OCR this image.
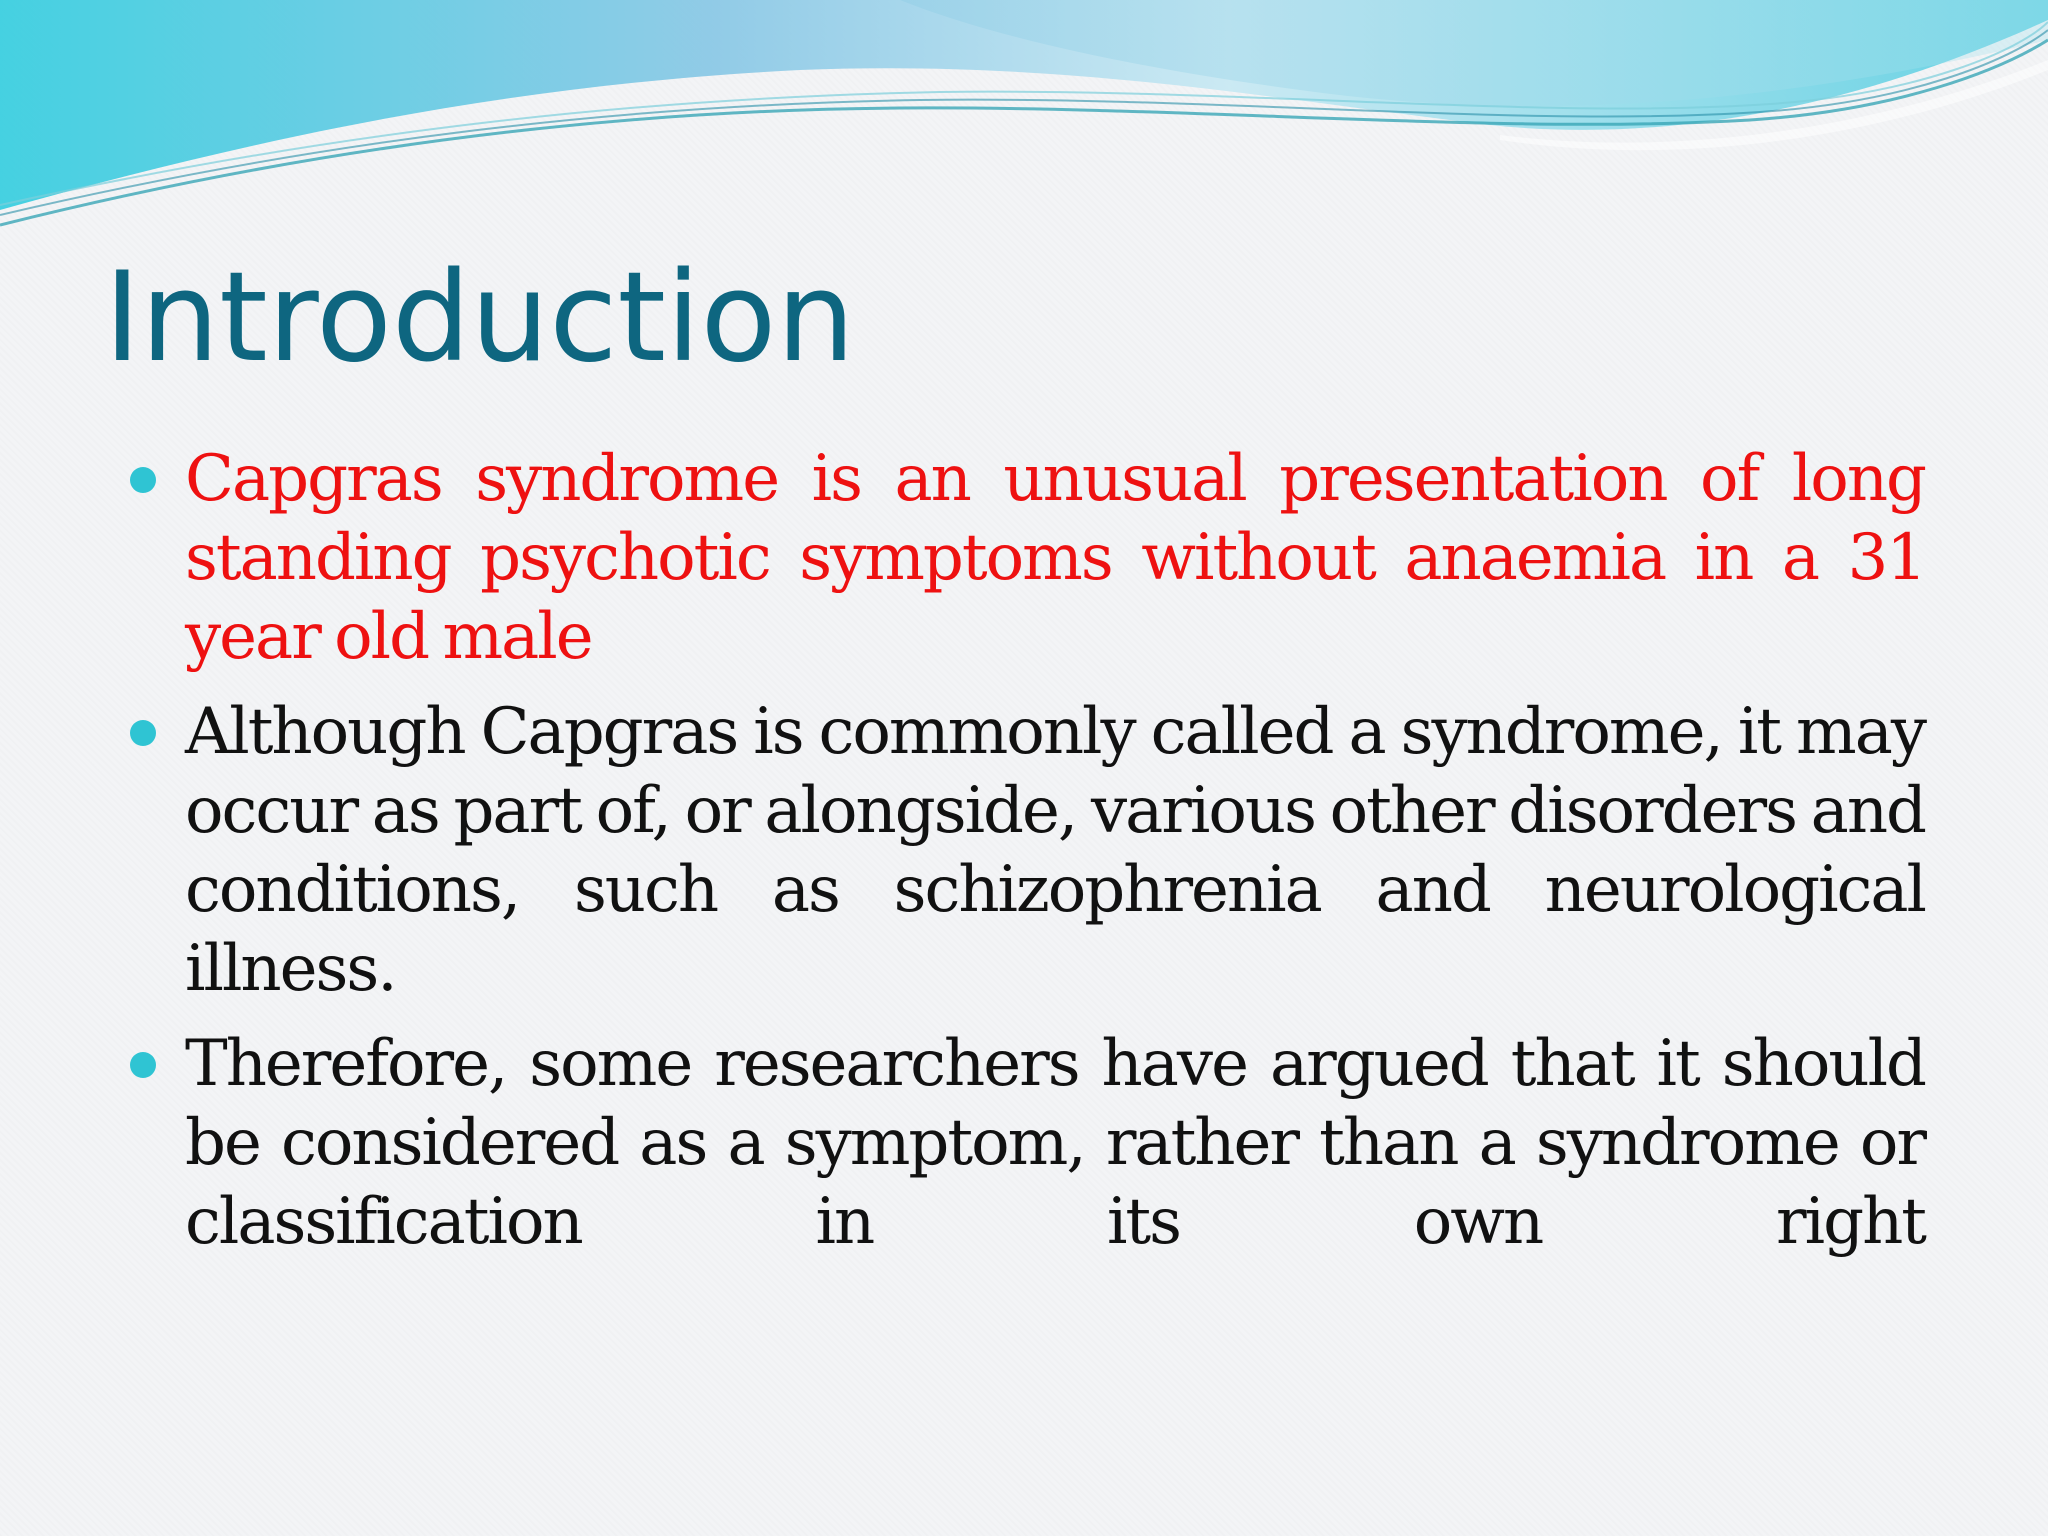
Introduction
Capgras syndrome is an unusual presentation of long standing psychotic symptoms without anaemia in a 31 year old male
Although Capgras is commonly called a syndrome, it may occur as part of, or alongside, various other disorders and conditions, such as schizophrenia and neurological illness.
Therefore, some researchers have argued that it should be considered as a symptom, rather than a syndrome or classification in its own right
